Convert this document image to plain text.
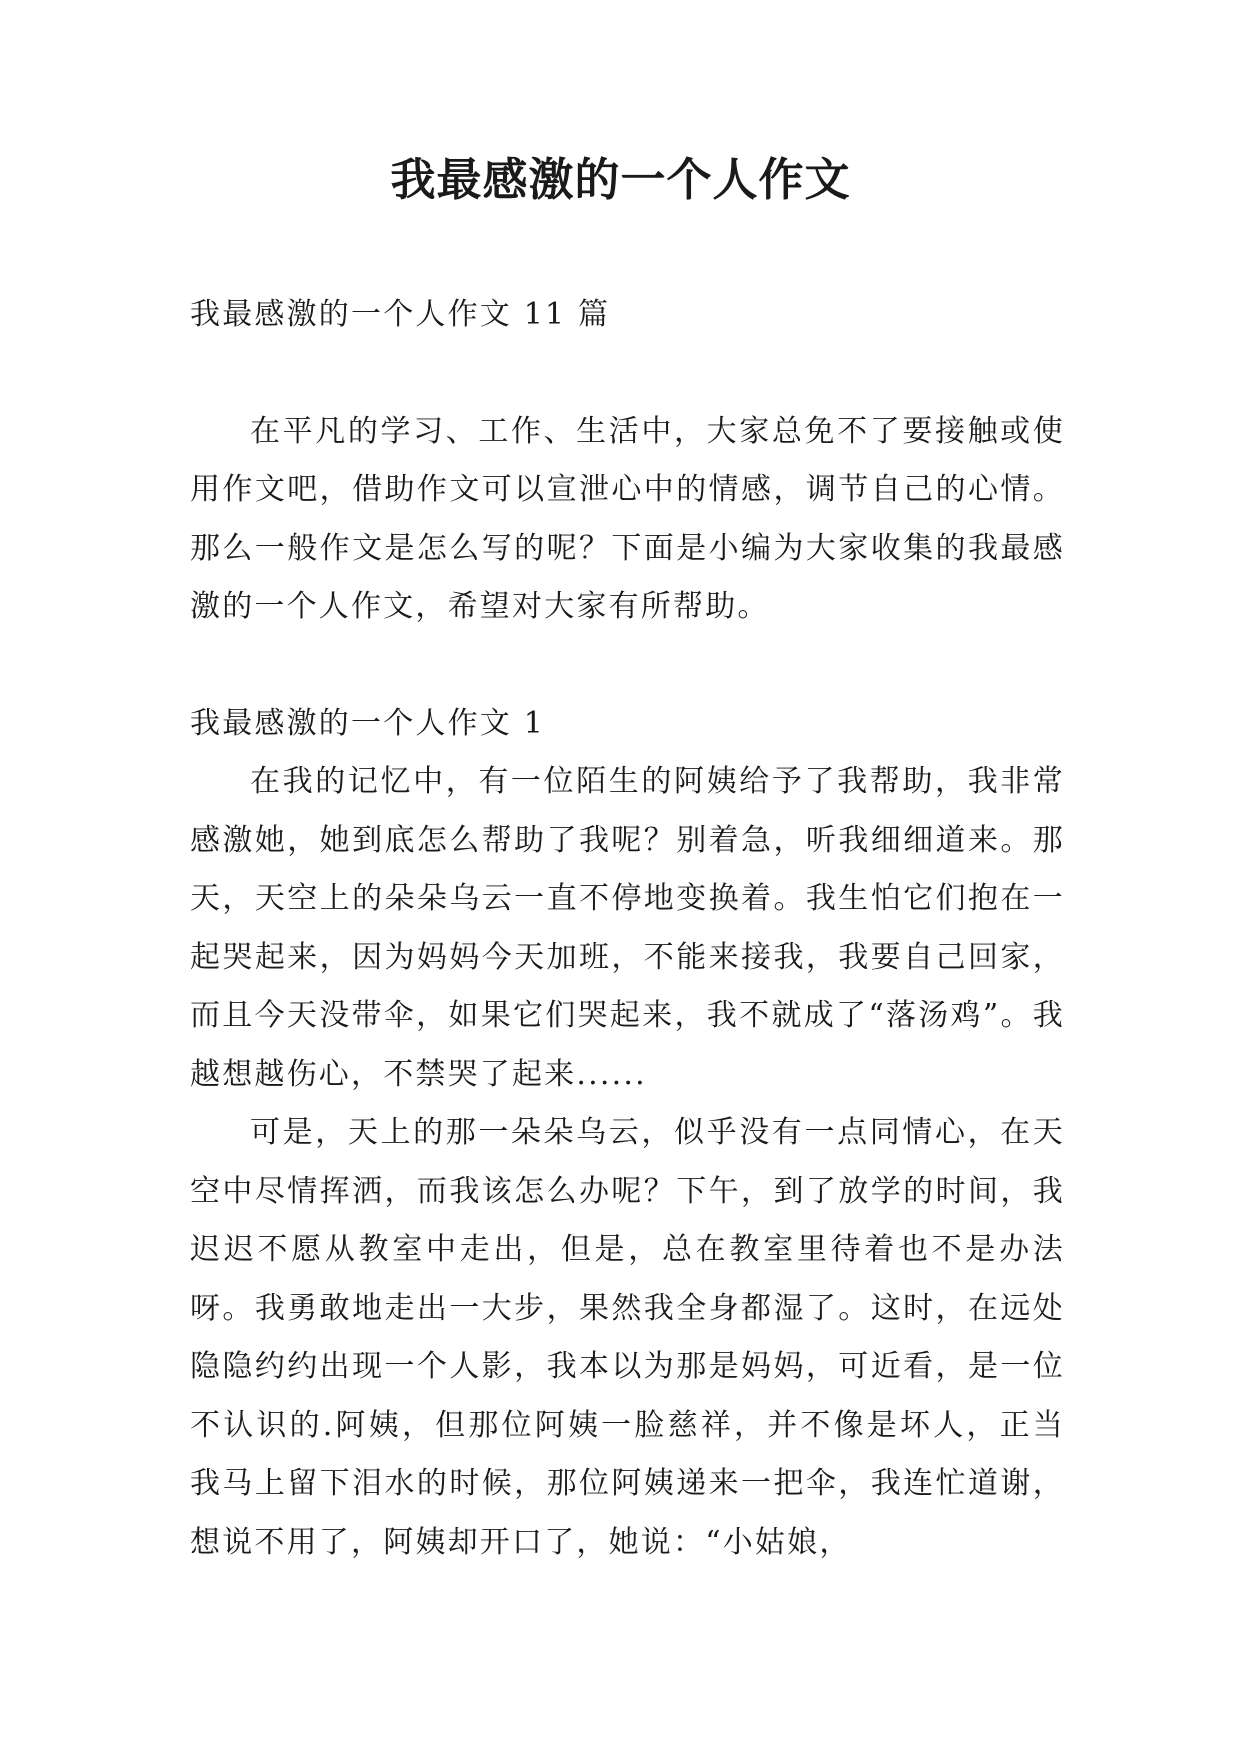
我最感激的一个人作文

我最感激的一个人作文 11 篇

在平凡的学习、工作、生活中，大家总免不了要接触或使用作文吧，借助作文可以宣泄心中的情感，调节自己的心情。那么一般作文是怎么写的呢？下面是小编为大家收集的我最感激的一个人作文，希望对大家有所帮助。

我最感激的一个人作文 1

在我的记忆中，有一位陌生的阿姨给予了我帮助，我非常感激她，她到底怎么帮助了我呢？别着急，听我细细道来。那天，天空上的朵朵乌云一直不停地变换着。我生怕它们抱在一起哭起来，因为妈妈今天加班，不能来接我，我要自己回家，而且今天没带伞，如果它们哭起来，我不就成了“落汤鸡”。我越想越伤心，不禁哭了起来......

可是，天上的那一朵朵乌云，似乎没有一点同情心，在天空中尽情挥洒，而我该怎么办呢？下午，到了放学的时间，我迟迟不愿从教室中走出，但是，总在教室里待着也不是办法呀。我勇敢地走出一大步，果然我全身都湿了。这时，在远处隐隐约约出现一个人影，我本以为那是妈妈，可近看，是一位不认识的.阿姨，但那位阿姨一脸慈祥，并不像是坏人，正当我马上留下泪水的时候，那位阿姨递来一把伞，我连忙道谢，想说不用了，阿姨却开口了，她说：“小姑娘，
